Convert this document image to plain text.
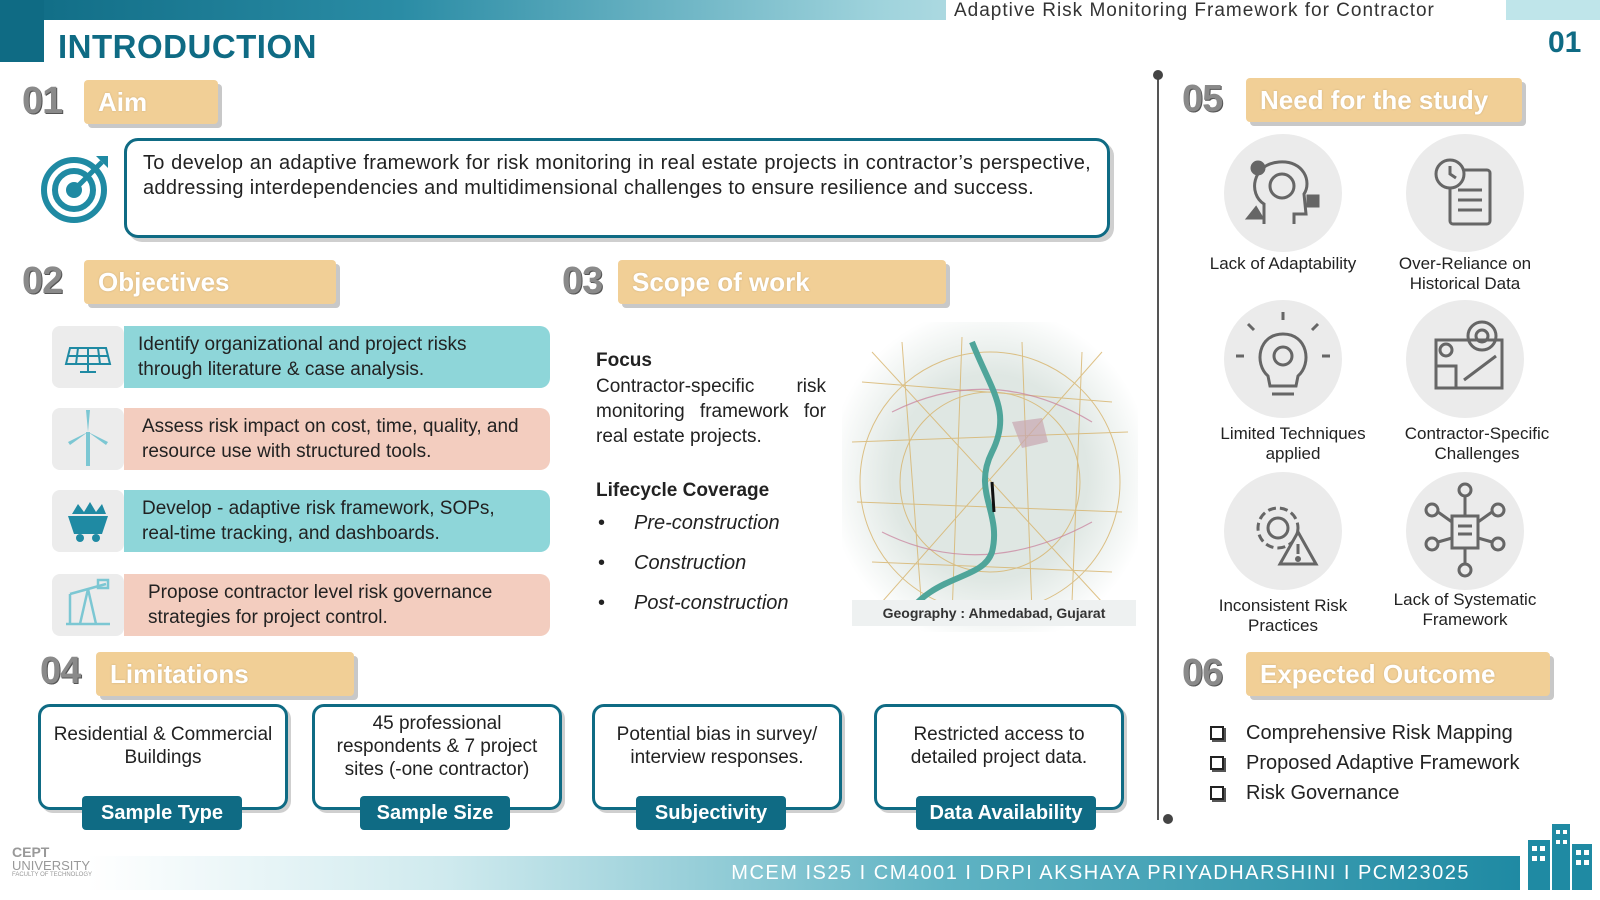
Adaptive Risk Monitoring Framework for Contractor
INTRODUCTION	01
01	Aim
To develop an adaptive framework for risk monitoring in real estate projects in contractor’s perspective, addressing interdependencies and multidimensional challenges to ensure resilience and success.
02	Objectives
Identify organizational and project risks through literature & case analysis.
Assess risk impact on cost, time, quality, and resource use with structured tools.
Develop - adaptive risk framework, SOPs, real-time tracking, and dashboards.
Propose contractor level risk governance strategies for project control.
03	Scope of work
Focus
Contractor-specific risk monitoring framework for real estate projects.
Lifecycle Coverage
• Pre-construction
• Construction
• Post-construction	Geography : Ahmedabad, Gujarat
04	Limitations
Residential & Commercial Buildings
Sample Type
45 professional respondents & 7 project sites (-one contractor)
Sample Size
Potential bias in survey/ interview responses.
Subjectivity
Restricted access to detailed project data.
Data Availability
05	Need for the study
Lack of Adaptability	Over-Reliance on Historical Data
Limited Techniques applied
Contractor-Specific Challenges
Inconsistent Risk Practices
Lack of Systematic Framework
06	Expected Outcome
Comprehensive Risk Mapping
Proposed Adaptive Framework
Risk Governance
MCEM IS25 I CM4001 I DRPI AKSHAYA PRIYADHARSHINI I PCM23025
CEPT
UNIVERSITY
FACULTY OF TECHNOLOGY
